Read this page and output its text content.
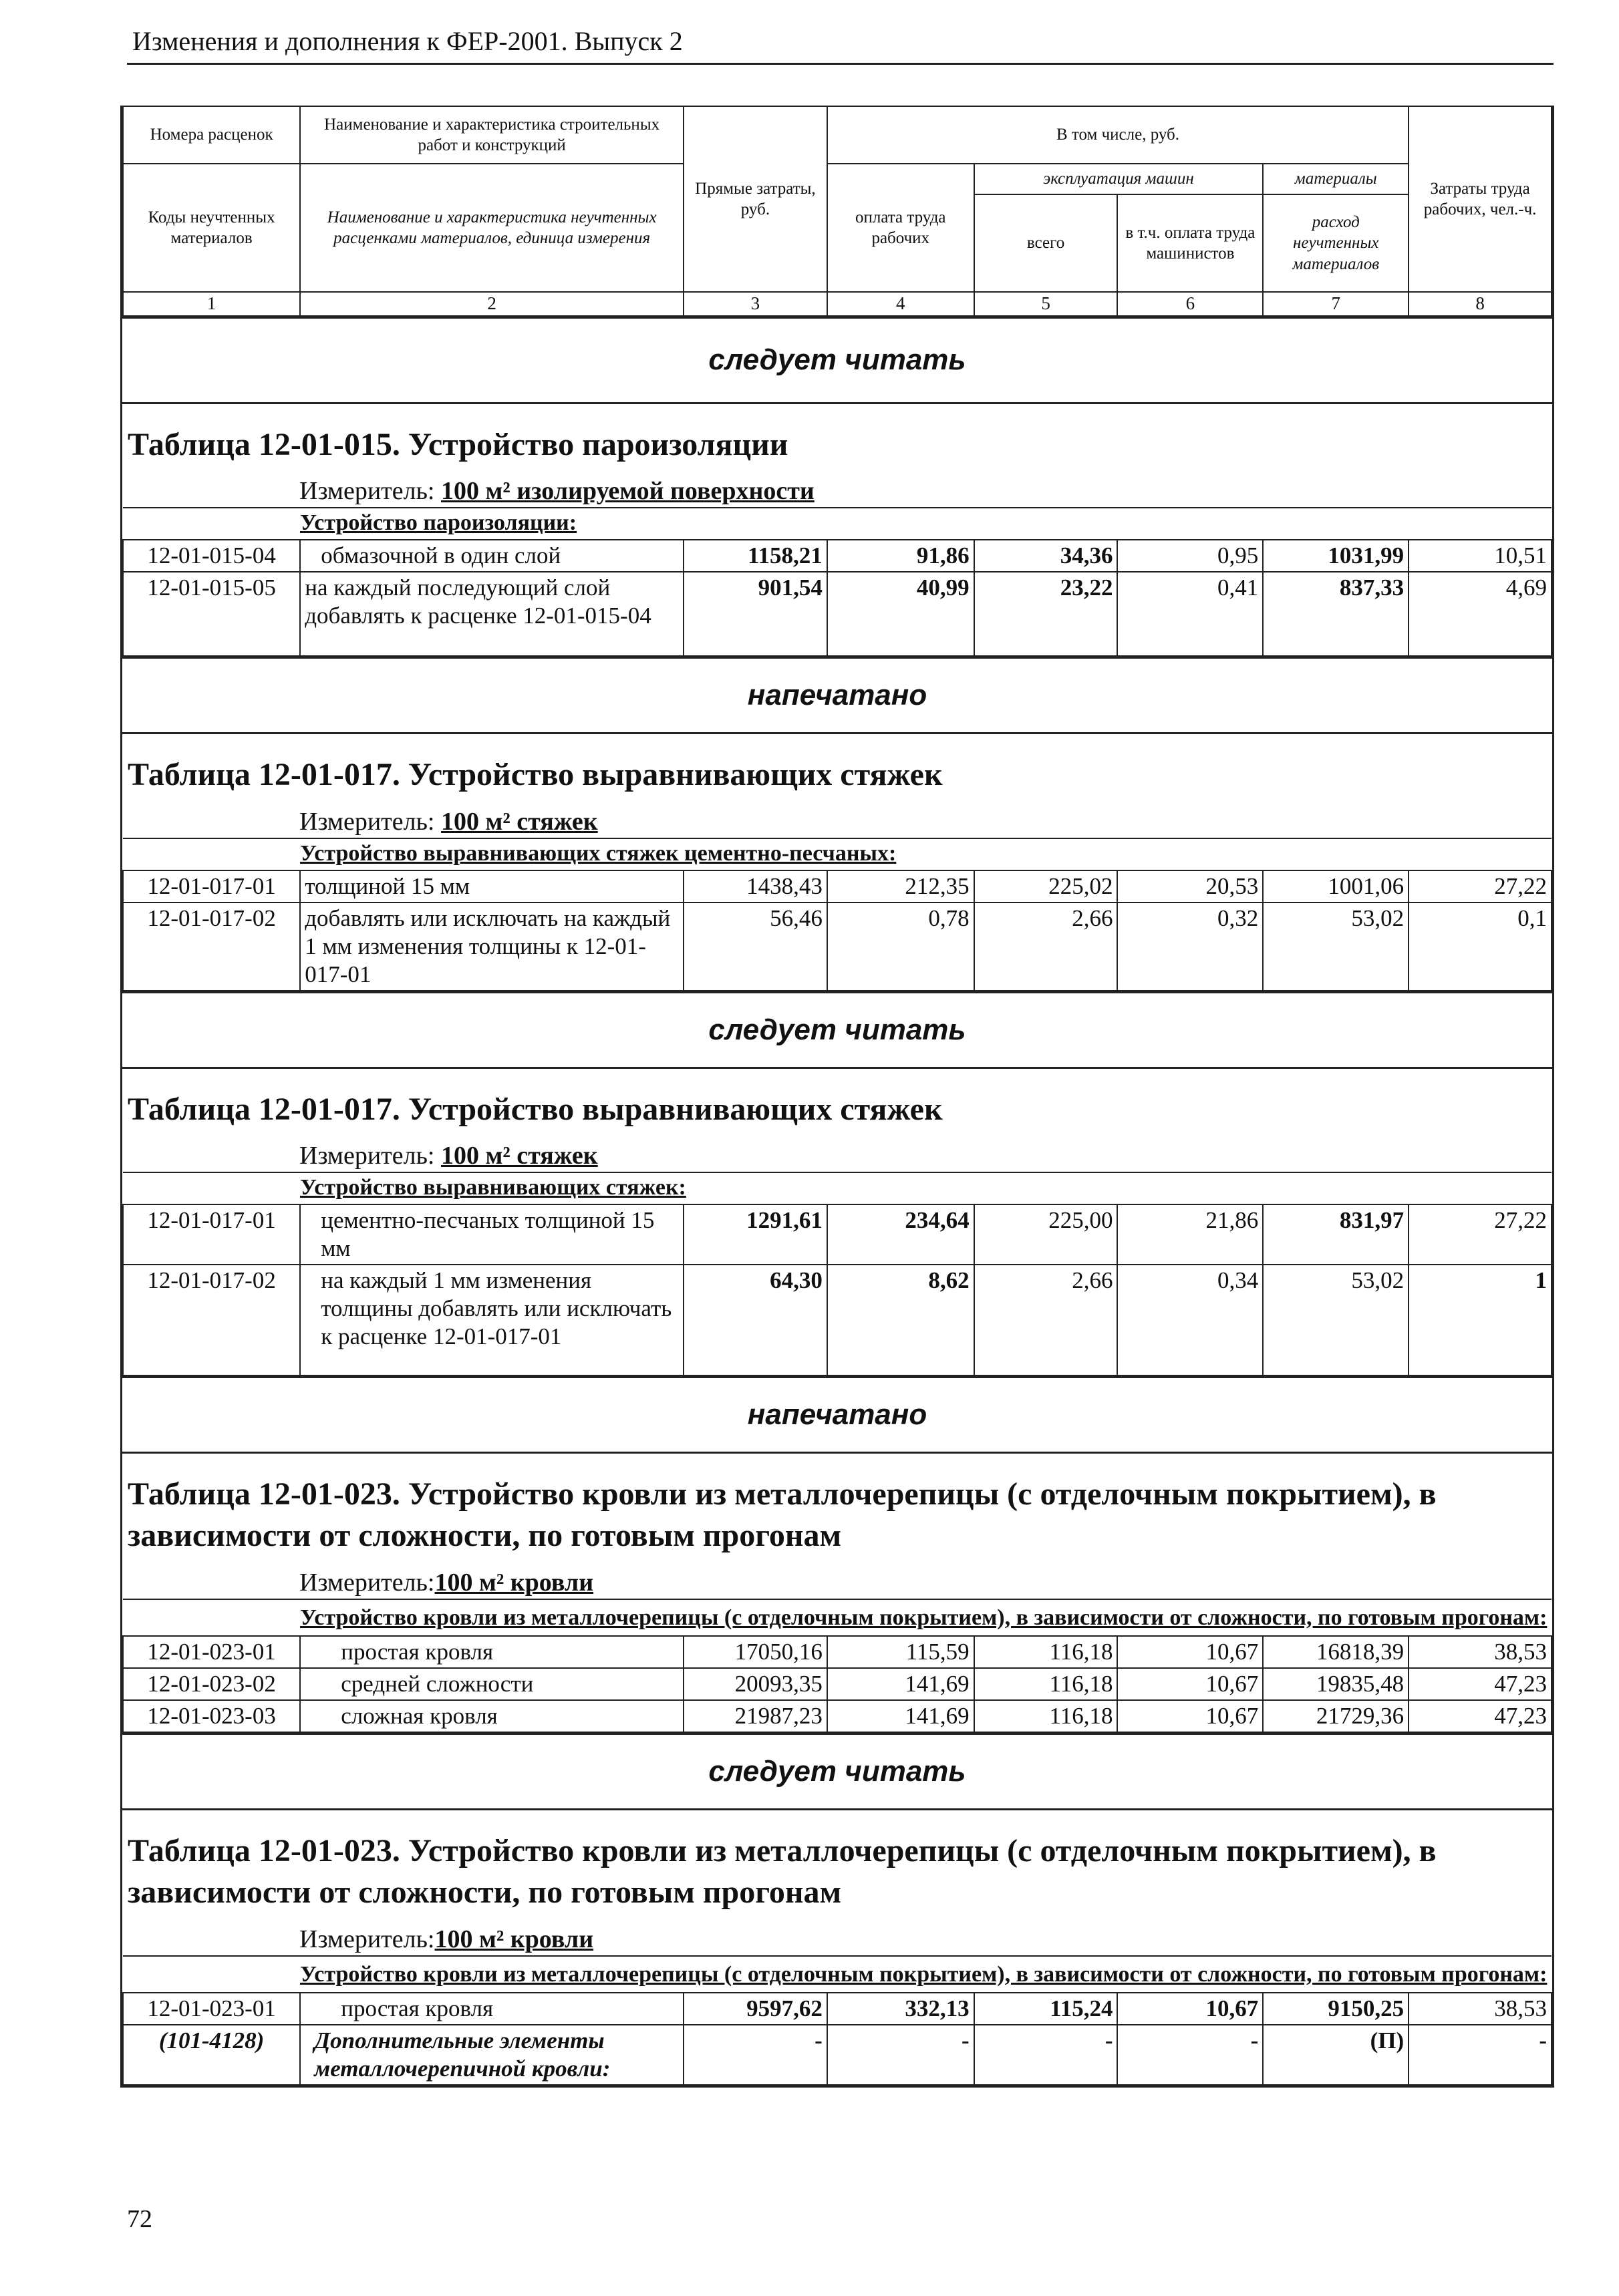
Изменения и дополнения к ФЕР-2001. Выпуск 2
Номера расценок	Наименование и характеристика строительных работ и конструкций	Прямые затраты, руб.	В том числе, руб.				Затраты труда рабочих, чел.-ч.
Коды неучтенных материалов	Наименование и характеристика неучтенных расценками материалов, единица измерения		оплата труда рабочих	эксплуатация машин		материалы	
				всего	в т.ч. оплата труда машинистов	расход неучтенных материалов	
1	2	3	4	5	6	7	8
следует читать
Таблица 12-01-015. Устройство пароизоляции
Измеритель: 100 м² изолируемой поверхности
Устройство пароизоляции:							
12-01-015-04	обмазочной в один слой	1158,21	91,86	34,36	0,95	1031,99	10,51
12-01-015-05	на каждый последующий слой добавлять к расценке 12-01-015-04	901,54	40,99	23,22	0,41	837,33	4,69
напечатано
Таблица 12-01-017. Устройство выравнивающих стяжек
Измеритель: 100 м² стяжек
Устройство выравнивающих стяжек цементно-песчаных:							
12-01-017-01	толщиной 15 мм	1438,43	212,35	225,02	20,53	1001,06	27,22
12-01-017-02	добавлять или исключать на каждый 1 мм изменения толщины к 12-01-017-01	56,46	0,78	2,66	0,32	53,02	0,1
следует читать
Таблица 12-01-017. Устройство выравнивающих стяжек
Измеритель: 100 м² стяжек
Устройство выравнивающих стяжек:							
12-01-017-01	цементно-песчаных толщиной 15 мм	1291,61	234,64	225,00	21,86	831,97	27,22
12-01-017-02	на каждый 1 мм изменения толщины добавлять или исключать к расценке 12-01-017-01	64,30	8,62	2,66	0,34	53,02	1
напечатано
Таблица 12-01-023. Устройство кровли из металлочерепицы (с отделочным покрытием), в зависимости от сложности, по готовым прогонам
Измеритель:100 м² кровли
Устройство кровли из металлочерепицы (с отделочным покрытием), в зависимости от сложности, по готовым прогонам:							
12-01-023-01	простая кровля	17050,16	115,59	116,18	10,67	16818,39	38,53
12-01-023-02	средней сложности	20093,35	141,69	116,18	10,67	19835,48	47,23
12-01-023-03	сложная кровля	21987,23	141,69	116,18	10,67	21729,36	47,23
следует читать
Таблица 12-01-023. Устройство кровли из металлочерепицы (с отделочным покрытием), в зависимости от сложности, по готовым прогонам
Измеритель:100 м² кровли
Устройство кровли из металлочерепицы (с отделочным покрытием), в зависимости от сложности, по готовым прогонам:							
12-01-023-01	простая кровля	9597,62	332,13	115,24	10,67	9150,25	38,53
(101-4128)	Дополнительные элементы металлочерепичной кровли:	-	-	-	-	(П)	-
72
